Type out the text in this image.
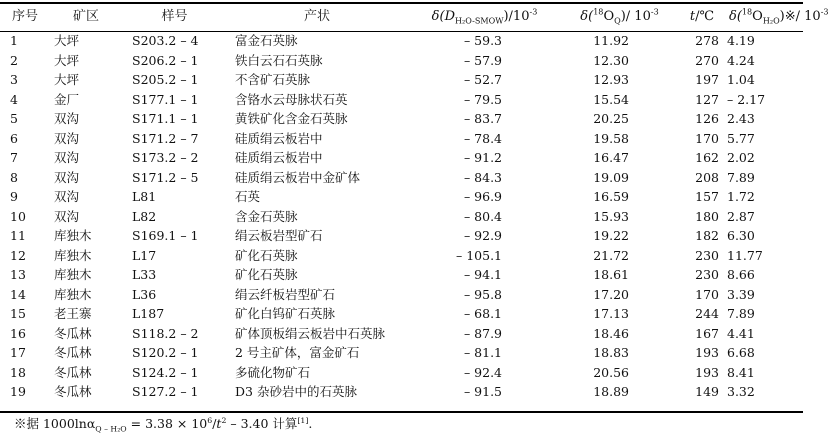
序号	矿区	样号	产状	$\delta(D_{H_2O-SMOW})/10^{-3}$	$\delta(^{18}O_Q)/$ $10^{-3}$	t/℃	$\delta(^{18}O_{H_2O})※/$ $10^{-3}$
1	大坪	S203.2 – 4	富金石英脉	– 59.3	11.92	278	4.19
2	大坪	S206.2 – 1	铁白云石石英脉	– 57.9	12.30	270	4.24
3	大坪	S205.2 – 1	不含矿石英脉	– 52.7	12.93	197	1.04
4	金厂	S177.1 – 1	含铬水云母脉状石英	– 79.5	15.54	127	– 2.17
5	双沟	S171.1 – 1	黄铁矿化含金石英脉	– 83.7	20.25	126	2.43
6	双沟	S171.2 – 7	硅质绢云板岩中	– 78.4	19.58	170	5.77
7	双沟	S173.2 – 2	硅质绢云板岩中	– 91.2	16.47	162	2.02
8	双沟	S171.2 – 5	硅质绢云板岩中金矿体	– 84.3	19.09	208	7.89
9	双沟	L81	石英	– 96.9	16.59	157	1.72
10	双沟	L82	含金石英脉	– 80.4	15.93	180	2.87
11	库独木	S169.1 – 1	绢云板岩型矿石	– 92.9	19.22	182	6.30
12	库独木	L17	矿化石英脉	– 105.1	21.72	230	11.77
13	库独木	L33	矿化石英脉	– 94.1	18.61	230	8.66
14	库独木	L36	绢云纤板岩型矿石	– 95.8	17.20	170	3.39
15	老王寨	L187	矿化白钨矿石英脉	– 68.1	17.13	244	7.89
16	冬瓜林	S118.2 – 2	矿体顶板绢云板岩中石英脉	– 87.9	18.46	167	4.41
17	冬瓜林	S120.2 – 1	2 号主矿体，富金矿石	– 81.1	18.83	193	6.68
18	冬瓜林	S124.2 – 1	多硫化物矿石	– 92.4	20.56	193	8.41
19	冬瓜林	S127.2 – 1	D3 杂砂岩中的石英脉	– 91.5	18.89	149	3.32
※据 $1000\ln\alpha_{Q - H_2O} = 3.38 \times 10^6/t^2 - 3.40$ 计算[1].
